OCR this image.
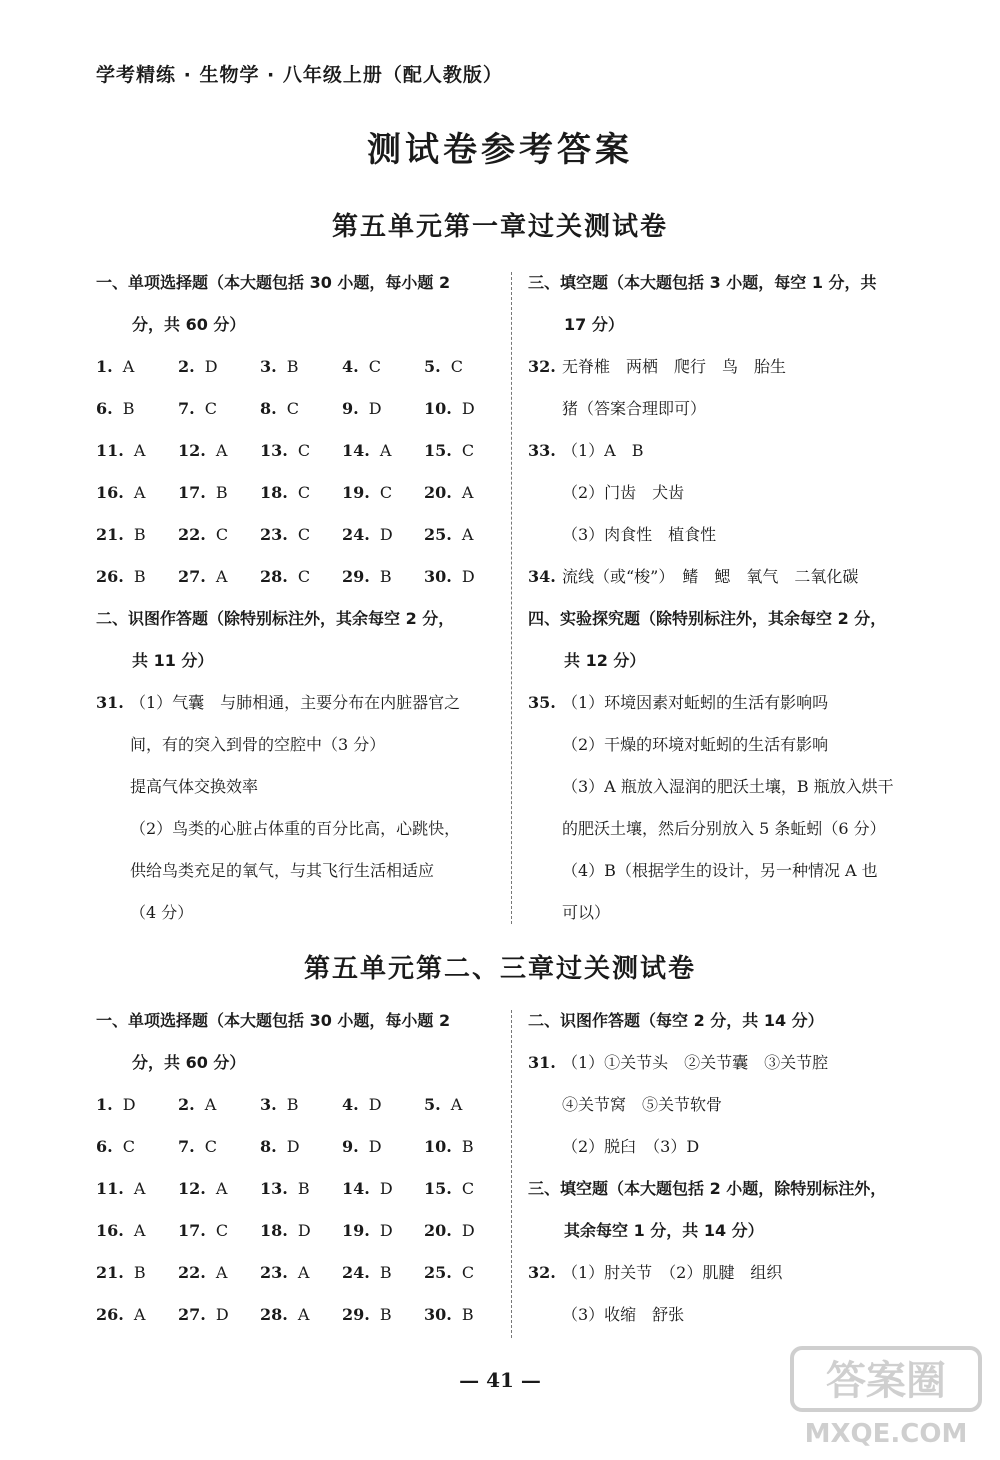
学考精练 · 生物学 · 八年级上册（配人教版）
测试卷参考答案
第五单元第一章过关测试卷
一、单项选择题（本大题包括 30 小题，每小题 2
分，共 60 分）
1. A	2. D	3. B	4. C	5. C
6. B	7. C	8. C	9. D	10. D
11. A	12. A	13. C	14. A	15. C
16. A	17. B	18. C	19. C	20. A
21. B	22. C	23. C	24. D	25. A
26. B	27. A	28. C	29. B	30. D
二、识图作答题（除特别标注外，其余每空 2 分，
共 11 分）
31. （1）气囊　与肺相通，主要分布在内脏器官之
间，有的突入到骨的空腔中（3 分）
提高气体交换效率
（2）鸟类的心脏占体重的百分比高，心跳快，
供给鸟类充足的氧气，与其飞行生活相适应
（4 分）
三、填空题（本大题包括 3 小题，每空 1 分，共
17 分）
32. 无脊椎　两栖　爬行　鸟　胎生
猪（答案合理即可）
33. （1）A　B
（2）门齿　犬齿
（3）肉食性　植食性
34. 流线（或“梭”）　鳍　鳃　氧气　二氧化碳
四、实验探究题（除特别标注外，其余每空 2 分，
共 12 分）
35. （1）环境因素对蚯蚓的生活有影响吗
（2）干燥的环境对蚯蚓的生活有影响
（3）A 瓶放入湿润的肥沃土壤，B 瓶放入烘干
的肥沃土壤，然后分别放入 5 条蚯蚓（6 分）
（4）B（根据学生的设计，另一种情况 A 也
可以）
第五单元第二、三章过关测试卷
一、单项选择题（本大题包括 30 小题，每小题 2
分，共 60 分）
1. D	2. A	3. B	4. D	5. A
6. C	7. C	8. D	9. D	10. B
11. A	12. A	13. B	14. D	15. C
16. A	17. C	18. D	19. D	20. D
21. B	22. A	23. A	24. B	25. C
26. A	27. D	28. A	29. B	30. B
二、识图作答题（每空 2 分，共 14 分）
31. （1）①关节头　②关节囊　③关节腔
④关节窝　⑤关节软骨
（2）脱臼　（3）D
三、填空题（本大题包括 2 小题，除特别标注外，
其余每空 1 分，共 14 分）
32. （1）肘关节　（2）肌腱　组织
（3）收缩　舒张
— 41 —	答案圈
MXQE.COM
